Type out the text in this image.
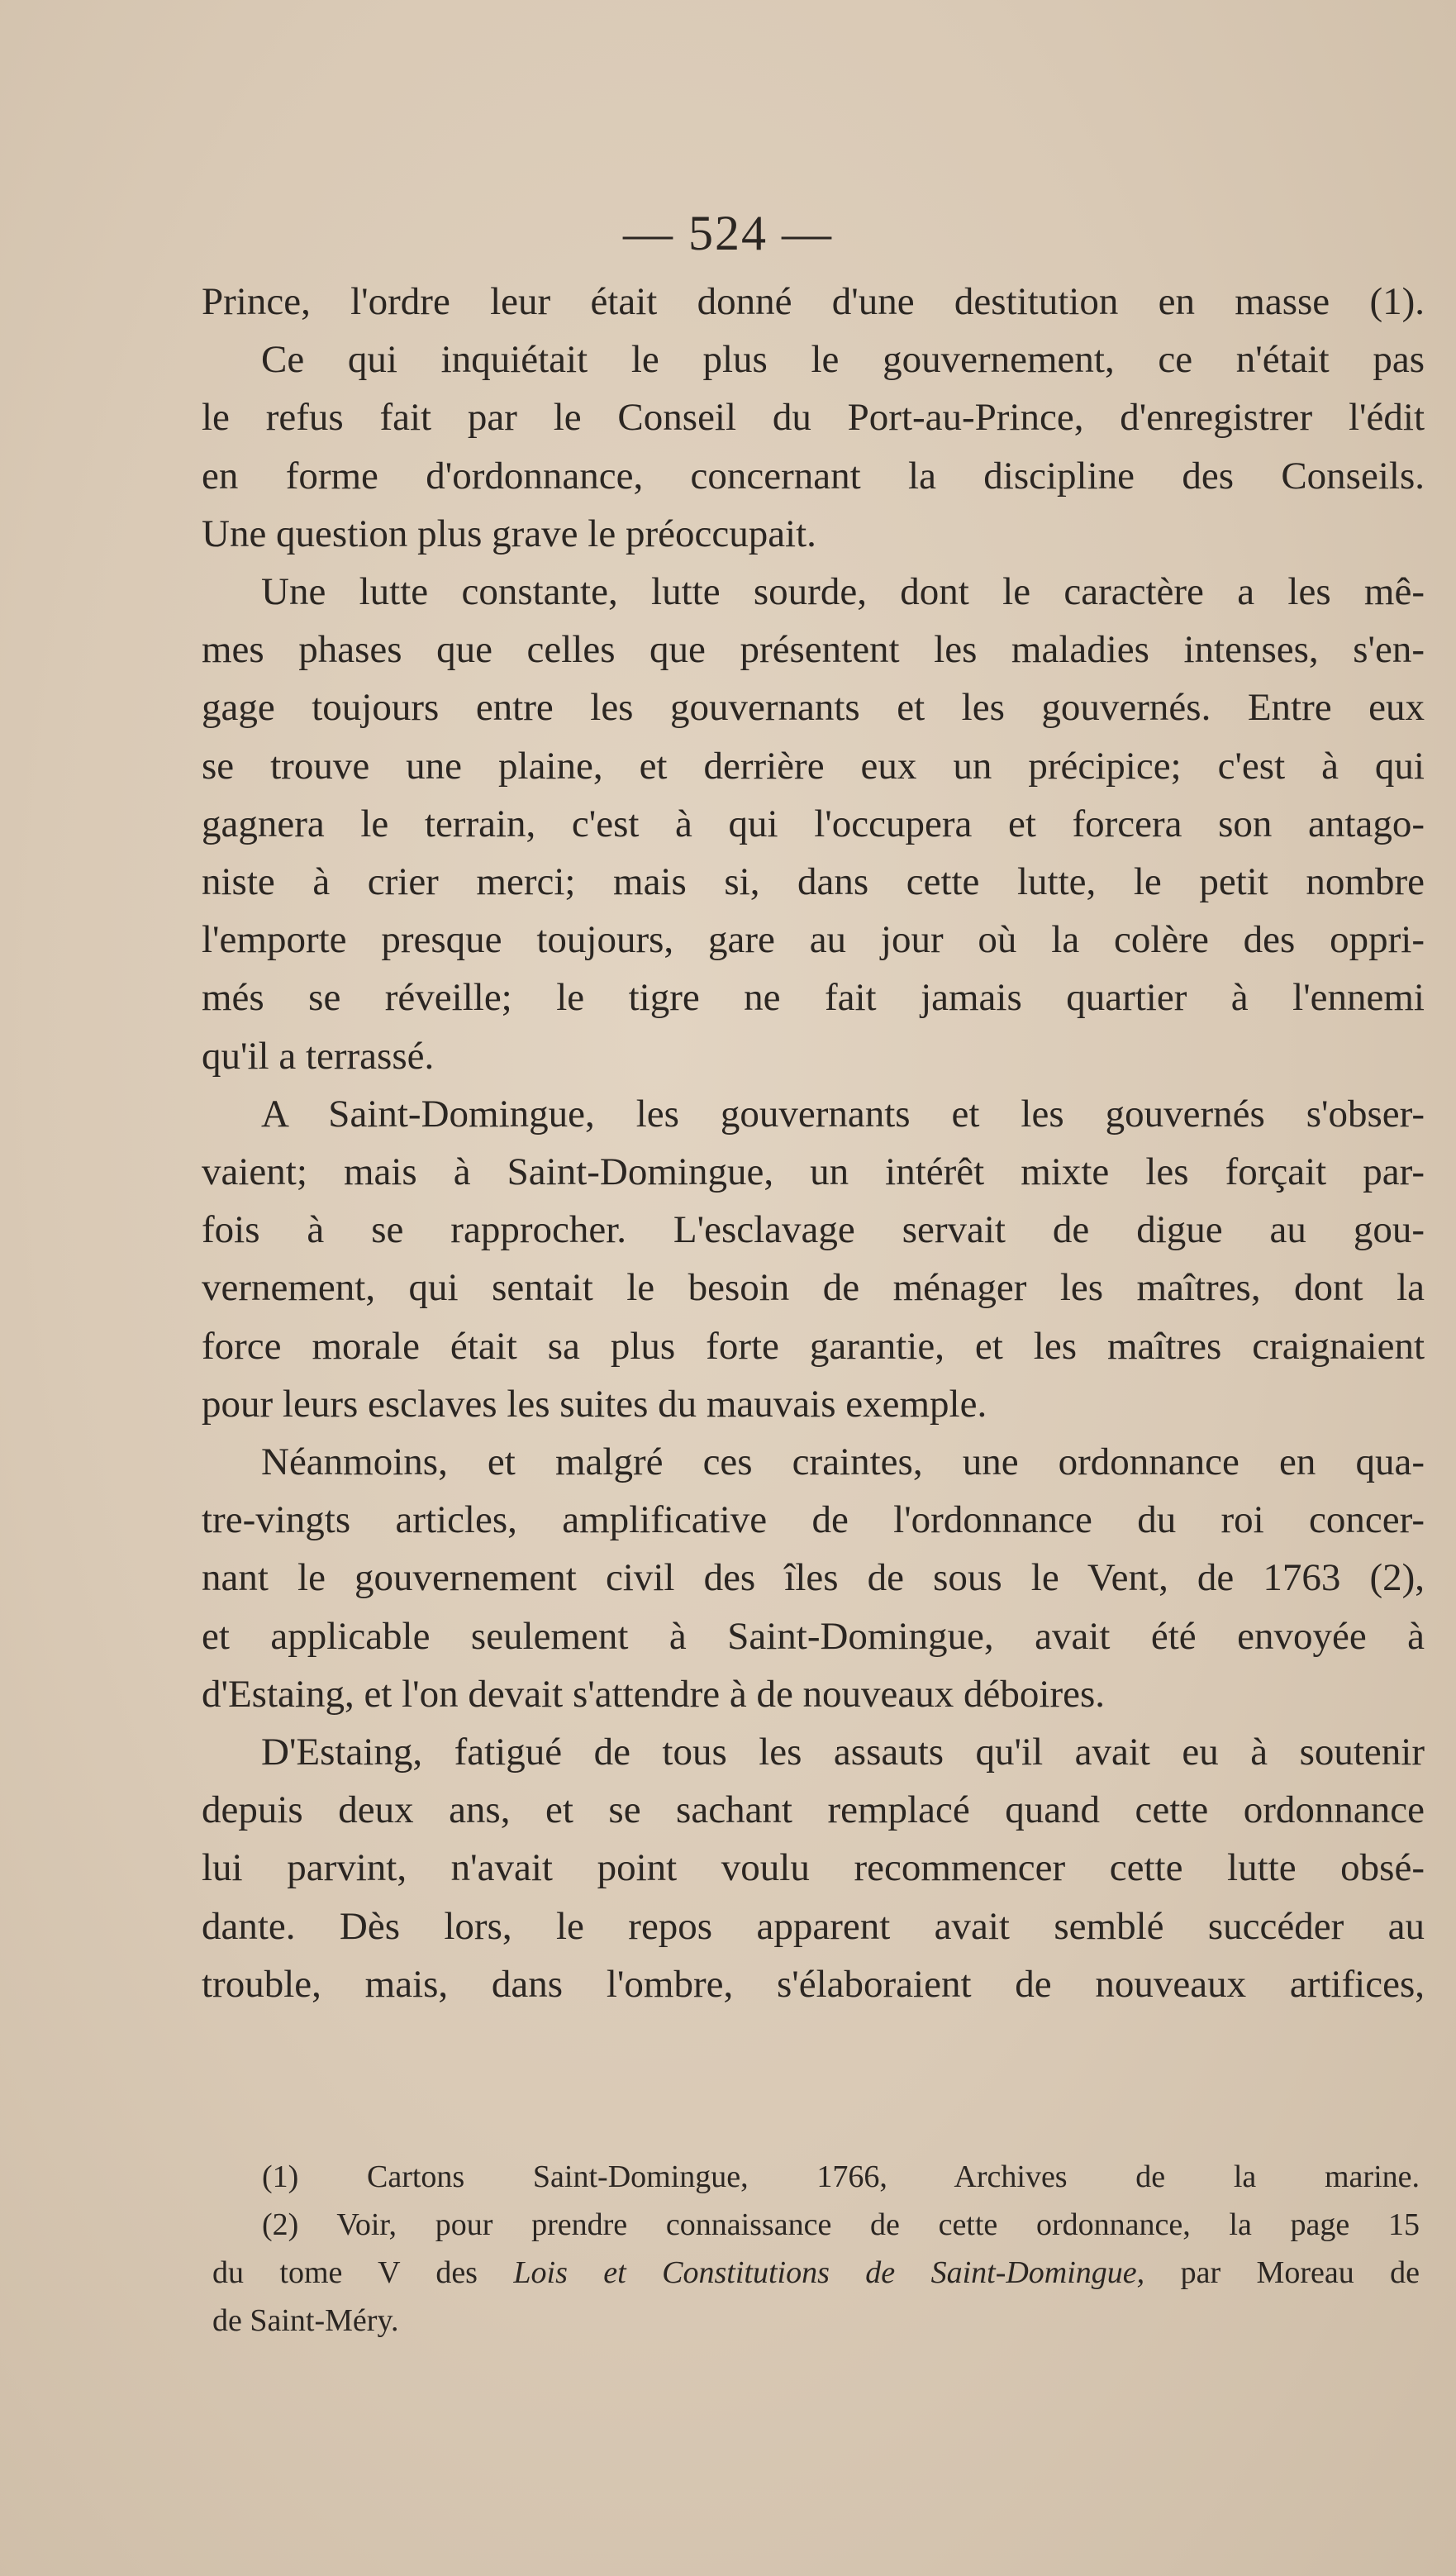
— 524 —
Prince, l'ordre leur était donné d'une destitution en masse (1).
Ce qui inquiétait le plus le gouvernement, ce n'était pas
le refus fait par le Conseil du Port-au-Prince, d'enregistrer l'édit
en forme d'ordonnance, concernant la discipline des Conseils.
Une question plus grave le préoccupait.
Une lutte constante, lutte sourde, dont le caractère a les mê-
mes phases que celles que présentent les maladies intenses, s'en-
gage toujours entre les gouvernants et les gouvernés. Entre eux
se trouve une plaine, et derrière eux un précipice; c'est à qui
gagnera le terrain, c'est à qui l'occupera et forcera son antago-
niste à crier merci; mais si, dans cette lutte, le petit nombre
l'emporte presque toujours, gare au jour où la colère des oppri-
més se réveille; le tigre ne fait jamais quartier à l'ennemi
qu'il a terrassé.
A Saint-Domingue, les gouvernants et les gouvernés s'obser-
vaient; mais à Saint-Domingue, un intérêt mixte les forçait par-
fois à se rapprocher. L'esclavage servait de digue au gou-
vernement, qui sentait le besoin de ménager les maîtres, dont la
force morale était sa plus forte garantie, et les maîtres craignaient
pour leurs esclaves les suites du mauvais exemple.
Néanmoins, et malgré ces craintes, une ordonnance en qua-
tre-vingts articles, amplificative de l'ordonnance du roi concer-
nant le gouvernement civil des îles de sous le Vent, de 1763 (2),
et applicable seulement à Saint-Domingue, avait été envoyée à
d'Estaing, et l'on devait s'attendre à de nouveaux déboires.
D'Estaing, fatigué de tous les assauts qu'il avait eu à soutenir
depuis deux ans, et se sachant remplacé quand cette ordonnance
lui parvint, n'avait point voulu recommencer cette lutte obsé-
dante. Dès lors, le repos apparent avait semblé succéder au
trouble, mais, dans l'ombre, s'élaboraient de nouveaux artifices,
(1) Cartons Saint-Domingue, 1766, Archives de la marine.
(2) Voir, pour prendre connaissance de cette ordonnance, la page 15
du tome V des Lois et Constitutions de Saint-Domingue, par Moreau de
de Saint-Méry.
